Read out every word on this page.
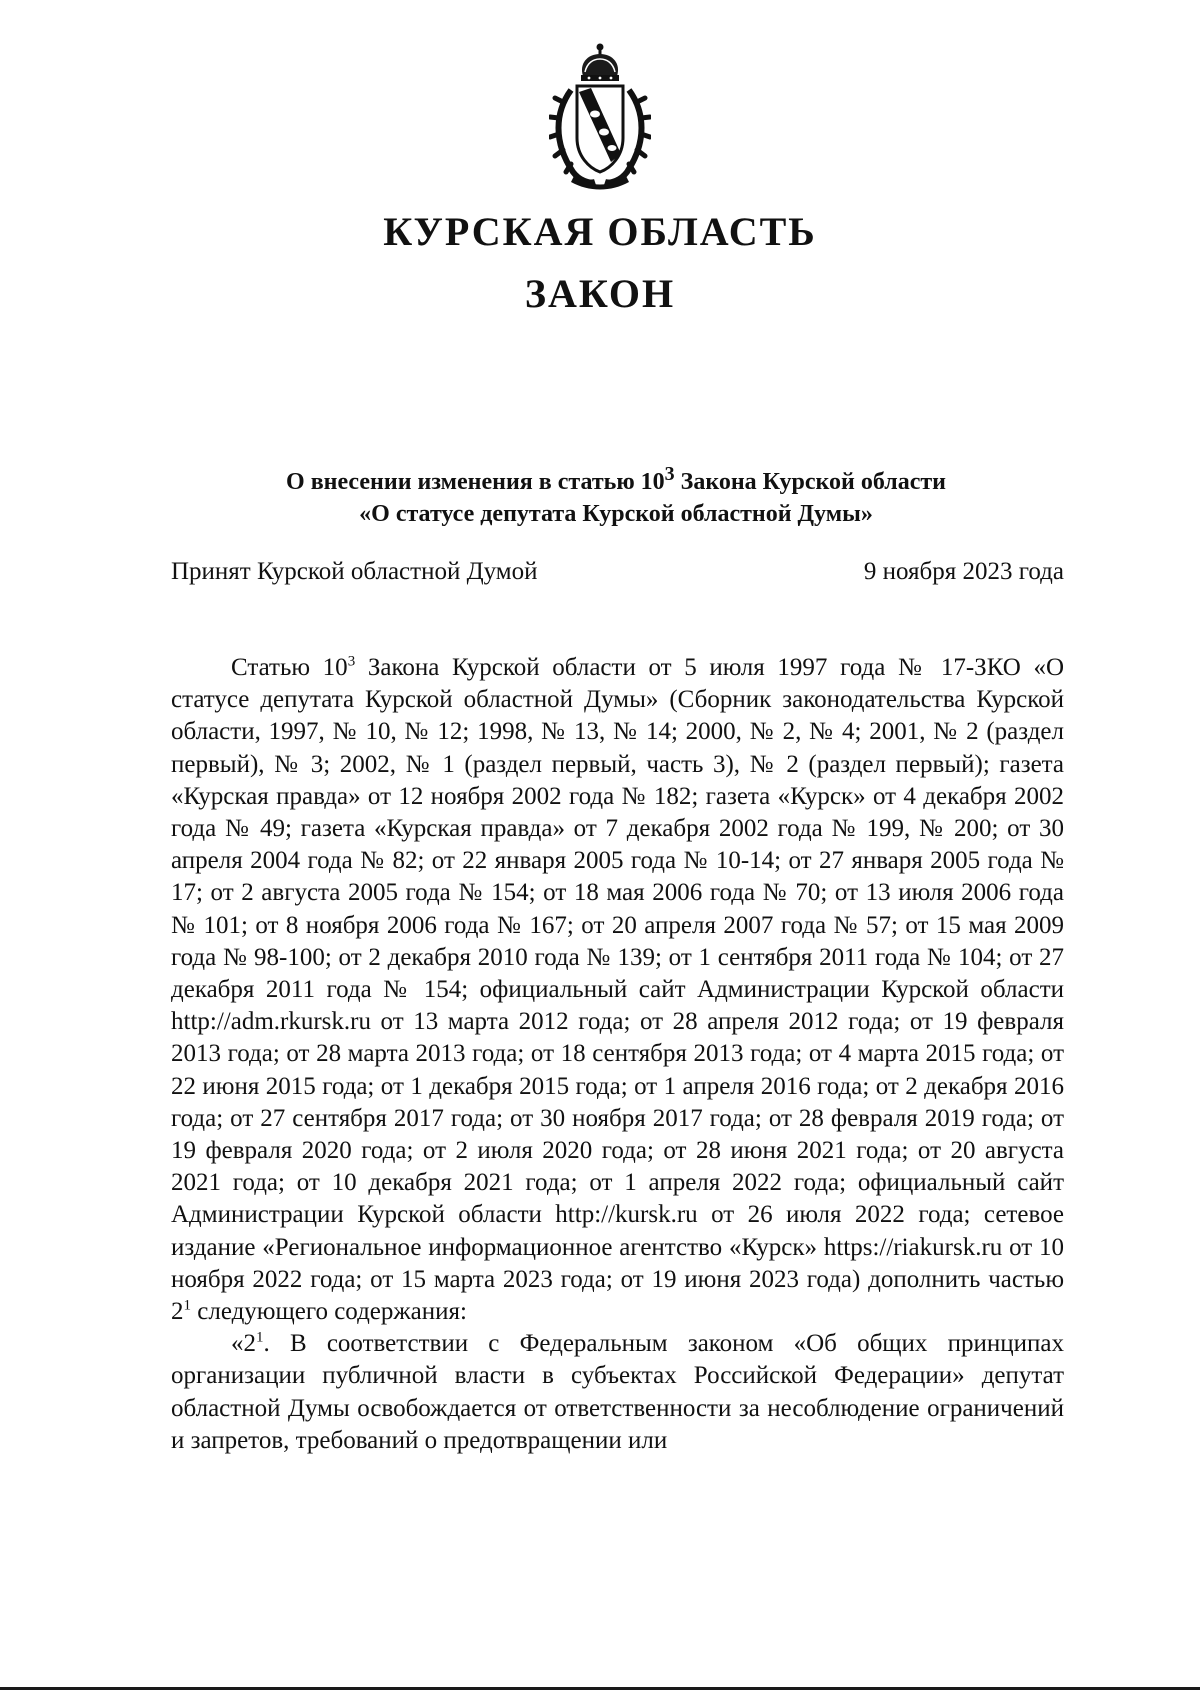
КУРСКАЯ ОБЛАСТЬ
ЗАКОН
О внесении изменения в статью $10^3$ Закона Курской области
«О статусе депутата Курской областной Думы»
Принят Курской областной Думой	9 ноября 2023 года

Статью $10^3$ Закона Курской области от 5 июля 1997 года № 17-ЗКО «О статусе депутата Курской областной Думы» (Сборник законодательства Курской области, 1997, № 10, № 12; 1998, № 13, № 14; 2000, № 2, № 4; 2001, № 2 (раздел первый), № 3; 2002, № 1 (раздел первый, часть 3), № 2 (раздел первый); газета «Курская правда» от 12 ноября 2002 года № 182; газета «Курск» от 4 декабря 2002 года № 49; газета «Курская правда» от 7 декабря 2002 года № 199, № 200; от 30 апреля 2004 года № 82; от 22 января 2005 года № 10-14; от 27 января 2005 года № 17; от 2 августа 2005 года № 154; от 18 мая 2006 года № 70; от 13 июля 2006 года № 101; от 8 ноября 2006 года № 167; от 20 апреля 2007 года № 57; от 15 мая 2009 года № 98-100; от 2 декабря 2010 года № 139; от 1 сентября 2011 года № 104; от 27 декабря 2011 года № 154; официальный сайт Администрации Курской области http://adm.rkursk.ru от 13 марта 2012 года; от 28 апреля 2012 года; от 19 февраля 2013 года; от 28 марта 2013 года; от 18 сентября 2013 года; от 4 марта 2015 года; от 22 июня 2015 года; от 1 декабря 2015 года; от 1 апреля 2016 года; от 2 декабря 2016 года; от 27 сентября 2017 года; от 30 ноября 2017 года; от 28 февраля 2019 года; от 19 февраля 2020 года; от 2 июля 2020 года; от 28 июня 2021 года; от 20 августа 2021 года; от 10 декабря 2021 года; от 1 апреля 2022 года; официальный сайт Администрации Курской области http://kursk.ru от 26 июля 2022 года; сетевое издание «Региональное информационное агентство «Курск» https://riakursk.ru от 10 ноября 2022 года; от 15 марта 2023 года; от 19 июня 2023 года) дополнить частью $2^1$ следующего содержания:

«$2^1$. В соответствии с Федеральным законом «Об общих принципах организации публичной власти в субъектах Российской Федерации» депутат областной Думы освобождается от ответственности за несоблюдение ограничений и запретов, требований о предотвращении или
